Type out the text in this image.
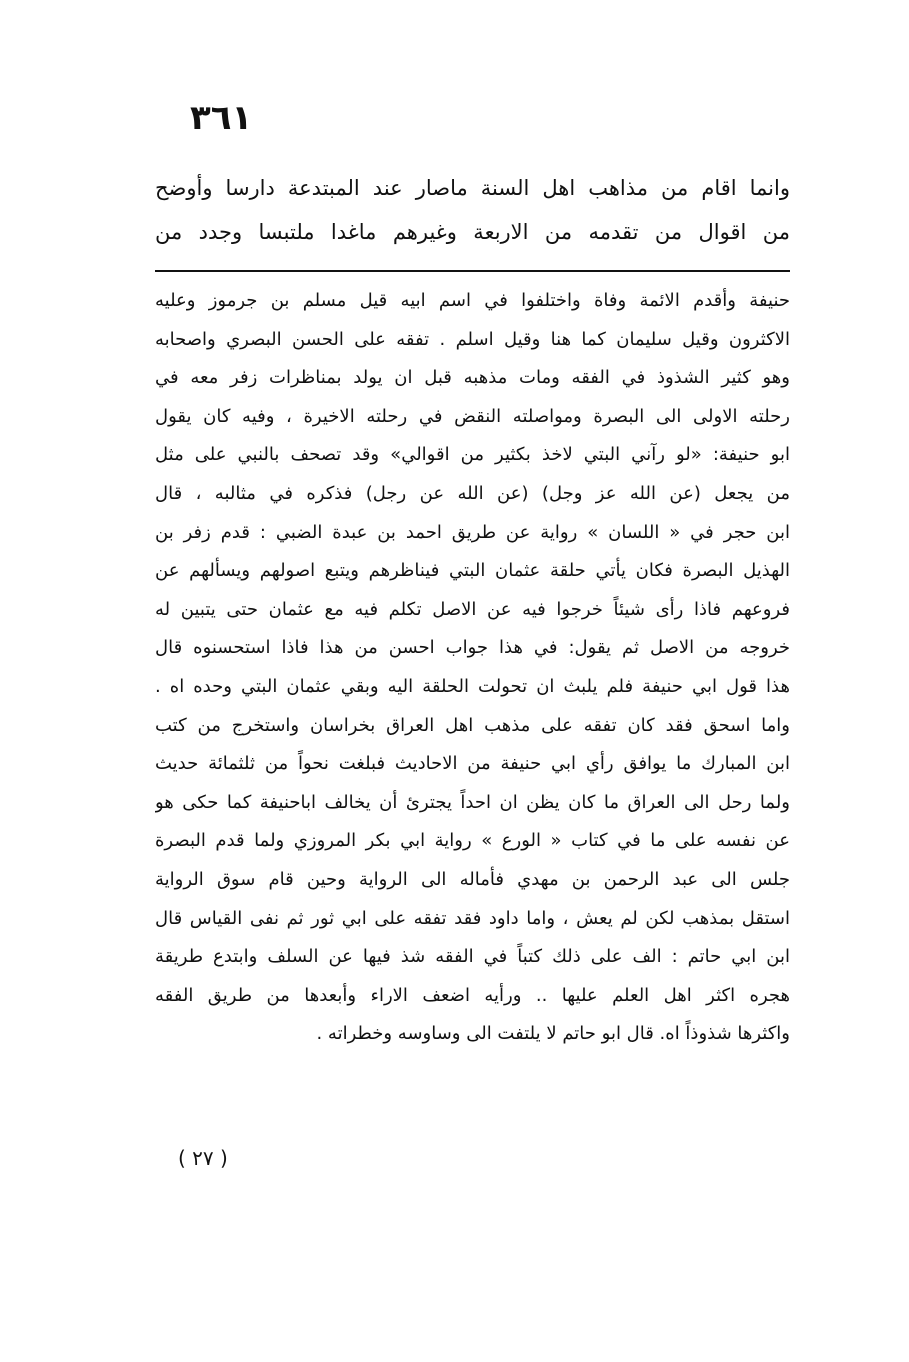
٣٦١
وانما اقام من مذاهب اهل السنة ماصار عند المبتدعة دارسا وأوضح
من اقوال من تقدمه من الاربعة وغيرهم ماغدا ملتبسا وجدد من
حنيفة وأقدم الائمة وفاة واختلفوا في اسم ابيه قيل مسلم بن جرموز وعليه
الاكثرون وقيل سليمان كما هنا وقيل اسلم . تفقه على الحسن البصري واصحابه
وهو كثير الشذوذ في الفقه ومات مذهبه قبل ان يولد بمناظرات زفر معه في
رحلته الاولى الى البصرة ومواصلته النقض في رحلته الاخيرة ، وفيه كان يقول
ابو حنيفة: «لو رآني البتي لاخذ بكثير من اقوالي» وقد تصحف بالنبي على مثل
من يجعل (عن الله عز وجل) (عن الله عن رجل) فذكره في مثالبه ، قال
ابن حجر في « اللسان » رواية عن طريق احمد بن عبدة الضبي : قدم زفر بن
الهذيل البصرة فكان يأتي حلقة عثمان البتي فيناظرهم ويتبع اصولهم ويسألهم عن
فروعهم فاذا رأى شيئاً خرجوا فيه عن الاصل تكلم فيه مع عثمان حتى يتبين له
خروجه من الاصل ثم يقول: في هذا جواب احسن من هذا فاذا استحسنوه قال
هذا قول ابي حنيفة فلم يلبث ان تحولت الحلقة اليه وبقي عثمان البتي وحده اه .
واما اسحق فقد كان تفقه على مذهب اهل العراق بخراسان واستخرج من كتب
ابن المبارك ما يوافق رأي ابي حنيفة من الاحاديث فبلغت نحواً من ثلثمائة حديث
ولما رحل الى العراق ما كان يظن ان احداً يجترئ أن يخالف اباحنيفة كما حكى هو
عن نفسه على ما في كتاب « الورع » رواية ابي بكر المروزي ولما قدم البصرة
جلس الى عبد الرحمن بن مهدي فأماله الى الرواية وحين قام سوق الرواية
استقل بمذهب لكن لم يعش ، واما داود فقد تفقه على ابي ثور ثم نفى القياس قال
ابن ابي حاتم : الف على ذلك كتباً في الفقه شذ فيها عن السلف وابتدع طريقة
هجره اكثر اهل العلم عليها .. ورأيه اضعف الاراء وأبعدها من طريق الفقه
واكثرها شذوذاً اه. قال ابو حاتم لا يلتفت الى وساوسه وخطراته .
( ٢٧ )
